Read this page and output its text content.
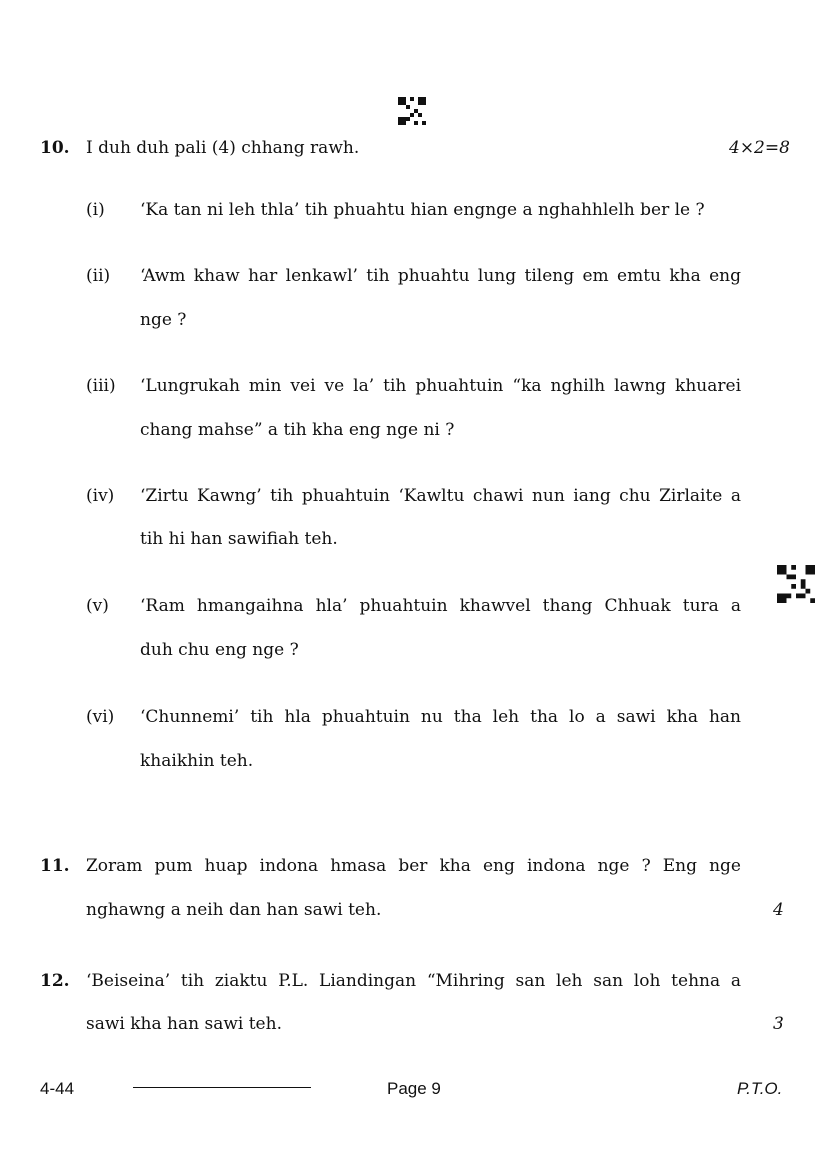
10. I duh duh pali (4) chhang rawh.	4×2=8
(i) ‘Ka tan ni leh thla’ tih phuahtu hian engnge a nghahhlelh ber le ?
(ii) ‘Awm khaw har lenkawl’ tih phuahtu lung tileng em emtu kha eng
nge ?
(iii) ‘Lungrukah min vei ve la’ tih phuahtuin “ka nghilh lawng khuarei
chang mahse” a tih kha eng nge ni ?
(iv) ‘Zirtu Kawng’ tih phuahtuin ‘Kawltu chawi nun iang chu Zirlaite a
tih hi han sawifiah teh.
(v) ‘Ram hmangaihna hla’ phuahtuin khawvel thang Chhuak tura a
duh chu eng nge ?
(vi) ‘Chunnemi’ tih hla phuahtuin nu tha leh tha lo a sawi kha han
khaikhin teh.
11. Zoram pum huap indona hmasa ber kha eng indona nge ? Eng nge
nghawng a neih dan han sawi teh.	4
12. ‘Beiseina’ tih ziaktu P.L. Liandingan “Mihring san leh san loh tehna a
sawi kha han sawi teh.	3
4-44	Page 9	P.T.O.
